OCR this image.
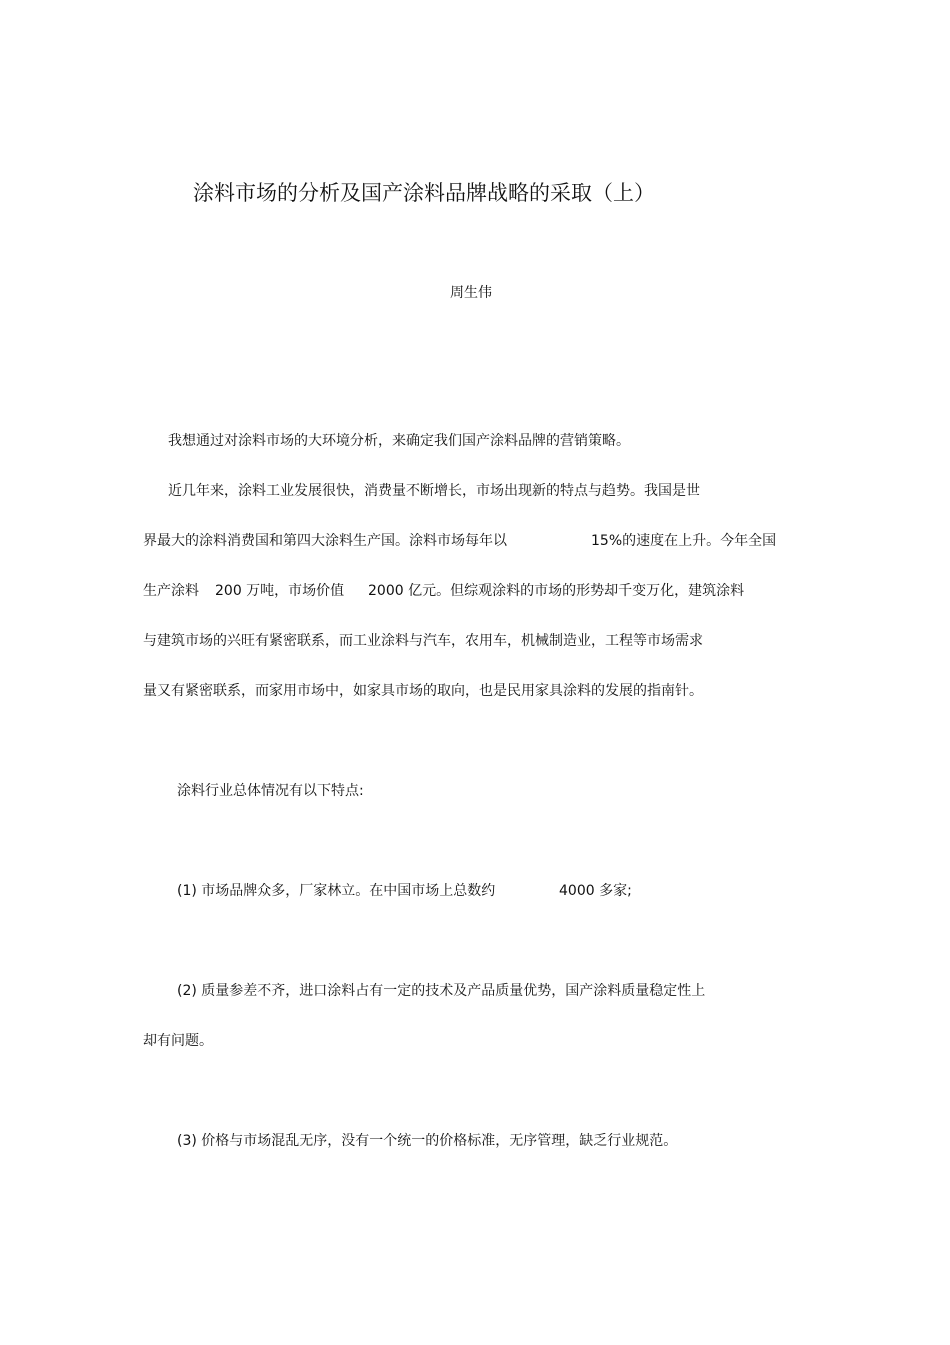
涂料市场的分析及国产涂料品牌战略的采取（上）
周生伟
我想通过对涂料市场的大环境分析，来确定我们国产涂料品牌的营销策略。
近几年来，涂料工业发展很快，消费量不断增长，市场出现新的特点与趋势。我国是世
界最大的涂料消费国和第四大涂料生产国。涂料市场每年以	15%的速度在上升。今年全国
生产涂料 200 万吨，市场价值 2000 亿元。但综观涂料的市场的形势却千变万化，建筑涂料
与建筑市场的兴旺有紧密联系，而工业涂料与汽车，农用车，机械制造业，工程等市场需求
量又有紧密联系，而家用市场中，如家具市场的取向，也是民用家具涂料的发展的指南针。
涂料行业总体情况有以下特点:
(1) 市场品牌众多，厂家林立。在中国市场上总数约	4000 多家;
(2) 质量参差不齐，进口涂料占有一定的技术及产品质量优势，国产涂料质量稳定性上
却有问题。
(3) 价格与市场混乱无序，没有一个统一的价格标准，无序管理，缺乏行业规范。
